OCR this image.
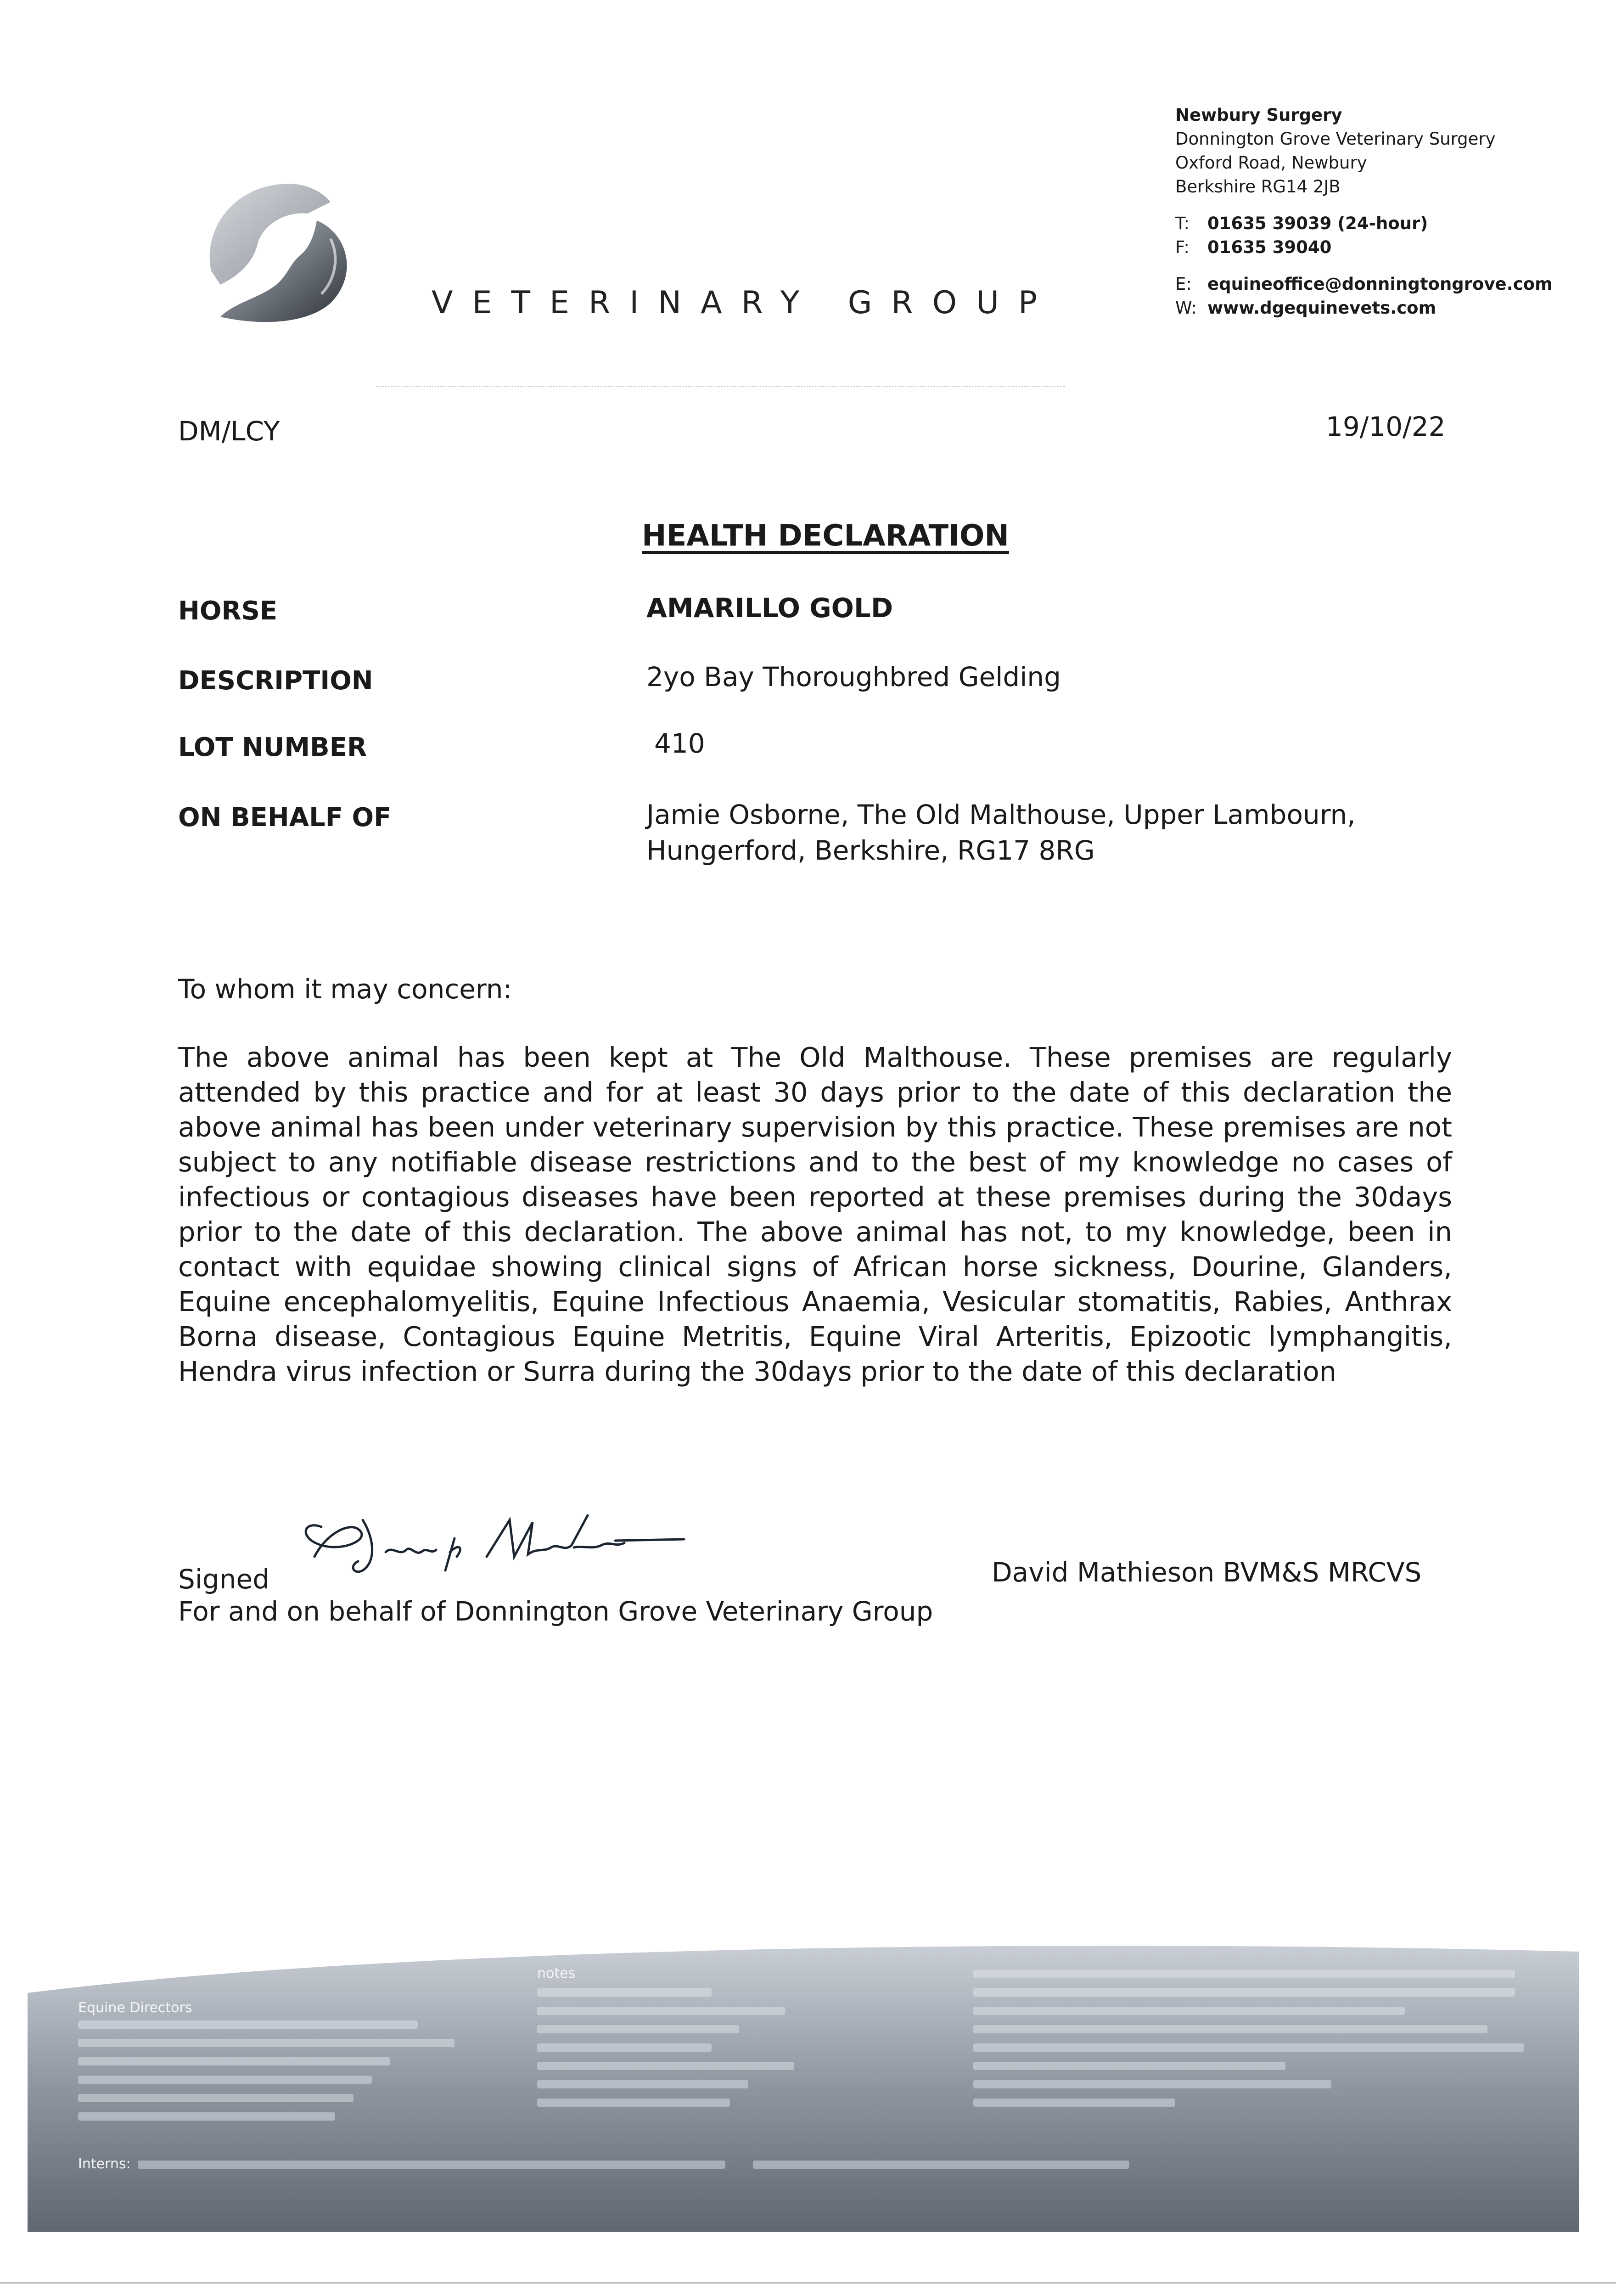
VETERINARY GROUP
Newbury Surgery
Donnington Grove Veterinary Surgery
Oxford Road, Newbury
Berkshire RG14 2JB
T: 01635 39039 (24-hour)
F: 01635 39040
E: equineoffice@donningtongrove.com
W: www.dgequinevets.com
DM/LCY	19/10/22
HEALTH DECLARATION
HORSE	AMARILLO GOLD
DESCRIPTION	2yo Bay Thoroughbred Gelding
LOT NUMBER	410
ON BEHALF OF	Jamie Osborne, The Old Malthouse, Upper Lambourn,
Hungerford, Berkshire, RG17 8RG
To whom it may concern:
The above animal has been kept at The Old Malthouse. These premises are regularly attended by this practice and for at least 30 days prior to the date of this declaration the above animal has been under veterinary supervision by this practice. These premises are not subject to any notifiable disease restrictions and to the best of my knowledge no cases of infectious or contagious diseases have been reported at these premises during the 30days prior to the date of this declaration. The above animal has not, to my knowledge, been in contact with equidae showing clinical signs of African horse sickness, Dourine, Glanders, Equine encephalomyelitis, Equine Infectious Anaemia, Vesicular stomatitis, Rabies, Anthrax Borna disease, Contagious Equine Metritis, Equine Viral Arteritis, Epizootic lymphangitis, Hendra virus infection or Surra during the 30days prior to the date of this declaration
Signed	David Mathieson BVM&S MRCVS
For and on behalf of Donnington Grove Veterinary Group
Equine Directors
notes
Interns:
